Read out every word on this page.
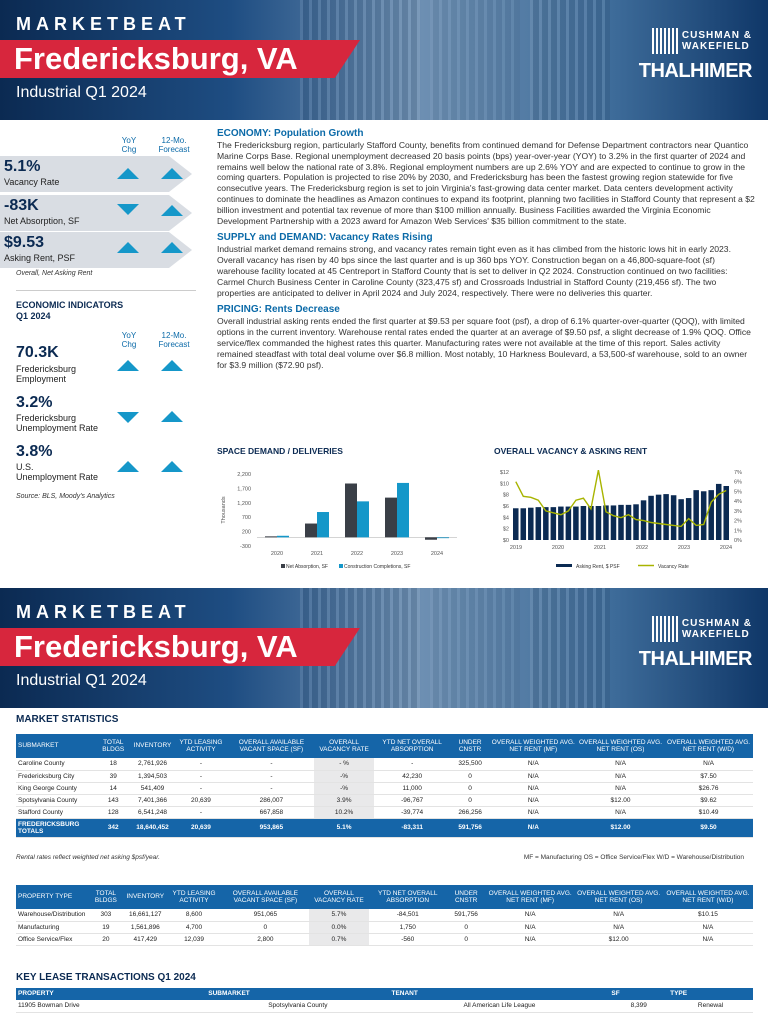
MARKETBEAT
Fredericksburg, VA
Industrial Q1 2024
CUSHMAN &
WAKEFIELD
THALHIMER
YoY Chg
12-Mo. Forecast
5.1%
Vacancy Rate
-83K
Net Absorption, SF
$9.53
Asking Rent, PSF
Overall, Net Asking Rent
ECONOMIC INDICATORS
Q1 2024
YoY Chg
12-Mo. Forecast
70.3K
Fredericksburg
Employment
3.2%
Fredericksburg
Unemployment Rate
3.8%
U.S.
Unemployment Rate
Source: BLS, Moody's Analytics
ECONOMY: Population Growth
The Fredericksburg region, particularly Stafford County, benefits from continued demand for Defense Department contractors near Quantico Marine Corps Base. Regional unemployment decreased 20 basis points (bps) year-over-year (YOY) to 3.2% in the first quarter of 2024 and remains well below the national rate of 3.8%. Regional employment numbers are up 2.6% YOY and are expected to continue to grow in the coming quarters. Population is projected to rise 20% by 2030, and Fredericksburg has been the fastest growing region statewide for five consecutive years. The Fredericksburg region is set to join Virginia's fast-growing data center market. Data centers development activity continues to dominate the headlines as Amazon continues to expand its footprint, planning two facilities in Stafford County that represent a $2 billion investment and potential tax revenue of more than $100 million annually. Business Facilities awarded the Virginia Economic Development Partnership with a 2023 award for Amazon Web Services' $35 billion commitment to the state.
SUPPLY and DEMAND: Vacancy Rates Rising
Industrial market demand remains strong, and vacancy rates remain tight even as it has climbed from the historic lows hit in early 2023. Overall vacancy has risen by 40 bps since the last quarter and is up 360 bps YOY. Construction began on a 46,800-square-foot (sf) warehouse facility located at 45 Centreport in Stafford County that is set to deliver in Q2 2024. Construction continued on two facilities: Carmel Church Business Center in Caroline County (323,475 sf) and Crossroads Industrial in Stafford County (219,456 sf). The two properties are anticipated to deliver in April 2024 and July 2024, respectively. There were no deliveries this quarter.
PRICING: Rents Decrease
Overall industrial asking rents ended the first quarter at $9.53 per square foot (psf), a drop of 6.1% quarter-over-quarter (QOQ), with limited options in the current inventory. Warehouse rental rates ended the quarter at an average of $9.50 psf, a slight decrease of 1.9% QOQ. Office service/flex commanded the highest rates this quarter. Manufacturing rates were not available at the time of this report. Sales activity remained steadfast with total deal volume over $6.8 million. Most notably, 10 Harkness Boulevard, a 53,500-sf warehouse, sold to an owner for $3.9 million ($72.90 psf).
SPACE DEMAND / DELIVERIES
2,200
1,700
1,200
700
200
-300
Thousands
2020	2021	2022	2023	2024
Net Absorption, SF	Construction Completions, SF
OVERALL VACANCY & ASKING RENT
$12
$10
$8
$6
$4
$2
$0
7%
6%
5%
4%
3%
2%
1%
0%
2019	2020	2021	2022	2023	2024
Asking Rent, $ PSF	Vacancy Rate
MARKETBEAT
Fredericksburg, VA
Industrial Q1 2024
CUSHMAN &
WAKEFIELD
THALHIMER
MARKET STATISTICS
SUBMARKET	TOTAL BLDGS	INVENTORY	YTD LEASING ACTIVITY	OVERALL AVAILABLE VACANT SPACE (SF)	OVERALL VACANCY RATE	YTD NET OVERALL ABSORPTION	UNDER CNSTR	OVERALL WEIGHTED AVG. NET RENT (MF)	OVERALL WEIGHTED AVG. NET RENT (OS)	OVERALL WEIGHTED AVG. NET RENT (W/D)
Caroline County	18	2,761,926	-	-	- %	-	325,500	N/A	N/A	N/A
Fredericksburg City	39	1,394,503	-	-	-%	42,230	0	N/A	N/A	$7.50
King George County	14	541,409	-	-	-%	11,000	0	N/A	N/A	$26.76
Spotsylvania County	143	7,401,366	20,639	286,007	3.9%	-96,767	0	N/A	$12.00	$9.62
Stafford County	128	6,541,248	-	667,858	10.2%	-39,774	266,256	N/A	N/A	$10.49
FREDERICKSBURG TOTALS	342	18,640,452	20,639	953,865	5.1%	-83,311	591,756	N/A	$12.00	$9.50
Rental rates reflect weighted net asking $psf/year.	MF = Manufacturing OS = Office Service/Flex W/D = Warehouse/Distribution
PROPERTY TYPE	TOTAL BLDGS	INVENTORY	YTD LEASING ACTIVITY	OVERALL AVAILABLE VACANT SPACE (SF)	OVERALL VACANCY RATE	YTD NET OVERALL ABSORPTION	UNDER CNSTR	OVERALL WEIGHTED AVG. NET RENT (MF)	OVERALL WEIGHTED AVG. NET RENT (OS)	OVERALL WEIGHTED AVG. NET RENT (W/D)
Warehouse/Distribution	303	16,661,127	8,600	951,065	5.7%	-84,501	591,756	N/A	N/A	$10.15
Manufacturing	19	1,561,896	4,700	0	0.0%	1,750	0	N/A	N/A	N/A
Office Service/Flex	20	417,429	12,039	2,800	0.7%	-560	0	N/A	$12.00	N/A
KEY LEASE TRANSACTIONS Q1 2024
PROPERTY	SUBMARKET	TENANT	SF	TYPE
11905 Bowman Drive	Spotsylvania County	All American Life League	8,399	Renewal
